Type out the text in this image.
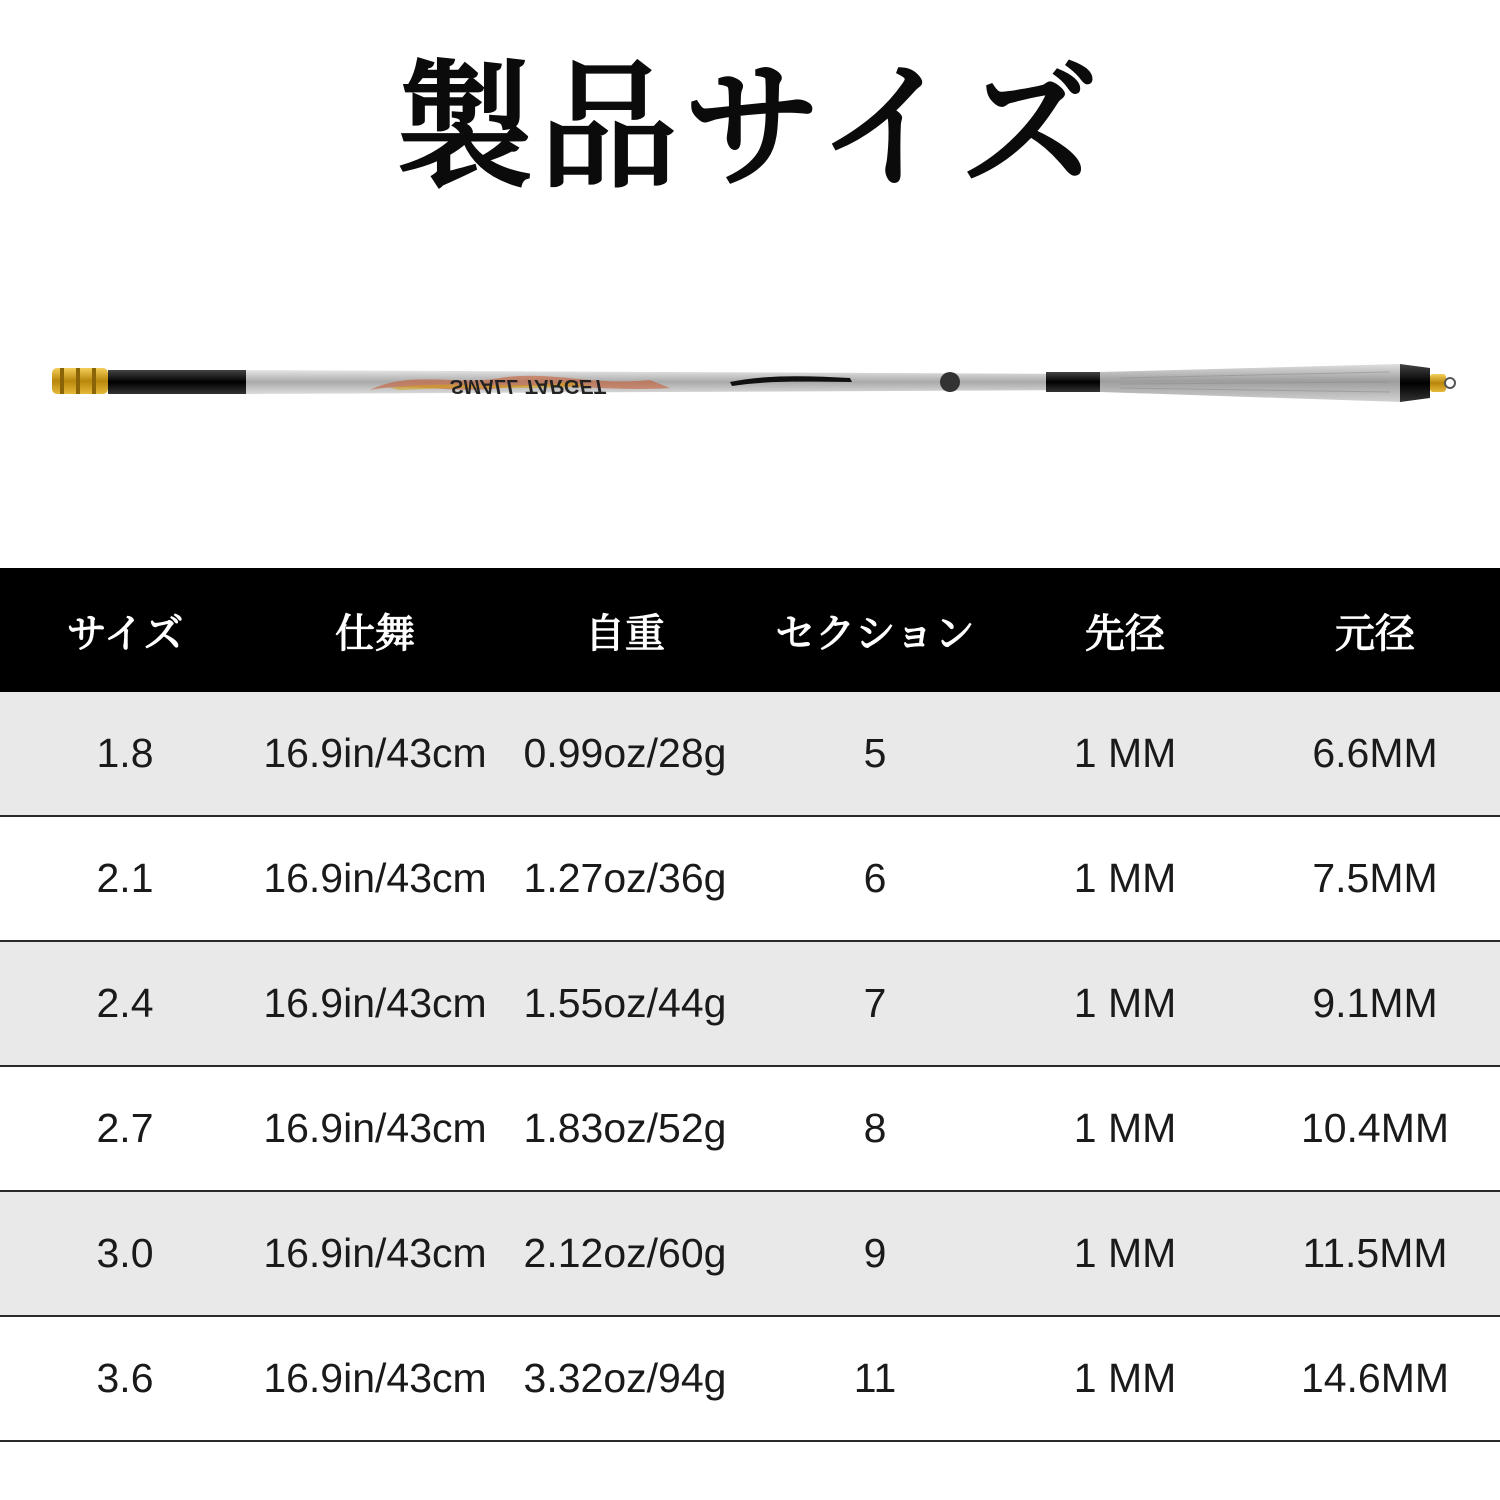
製品サイズ
SMALL TARGET
サイズ	仕舞	自重	セクション	先径	元径
1.8	16.9in/43cm	0.99oz/28g	5	1 MM	6.6MM
2.1	16.9in/43cm	1.27oz/36g	6	1 MM	7.5MM
2.4	16.9in/43cm	1.55oz/44g	7	1 MM	9.1MM
2.7	16.9in/43cm	1.83oz/52g	8	1 MM	10.4MM
3.0	16.9in/43cm	2.12oz/60g	9	1 MM	11.5MM
3.6	16.9in/43cm	3.32oz/94g	11	1 MM	14.6MM
